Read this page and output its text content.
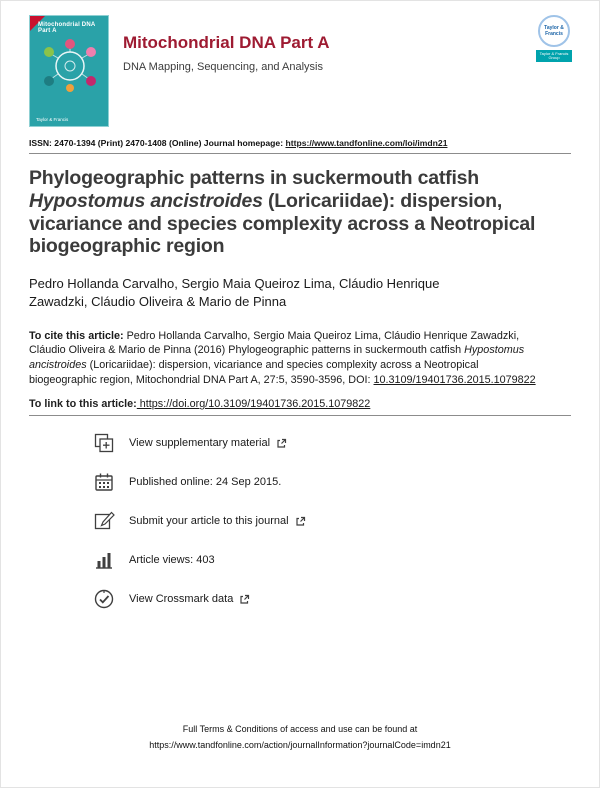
Mitochondrial DNA Part A
Taylor & Francis
Mitochondrial DNA Part A
DNA Mapping, Sequencing, and Analysis
Taylor & Francis
Taylor & Francis Group
ISSN: 2470-1394 (Print) 2470-1408 (Online) Journal homepage: https://www.tandfonline.com/loi/imdn21
Phylogeographic patterns in suckermouth catfish Hypostomus ancistroides (Loricariidae): dispersion, vicariance and species complexity across a Neotropical biogeographic region
Pedro Hollanda Carvalho, Sergio Maia Queiroz Lima, Cláudio Henrique Zawadzki, Cláudio Oliveira & Mario de Pinna

To cite this article: Pedro Hollanda Carvalho, Sergio Maia Queiroz Lima, Cláudio Henrique Zawadzki, Cláudio Oliveira & Mario de Pinna (2016) Phylogeographic patterns in suckermouth catfish Hypostomus ancistroides (Loricariidae): dispersion, vicariance and species complexity across a Neotropical biogeographic region, Mitochondrial DNA Part A, 27:5, 3590-3596, DOI: 10.3109/19401736.2015.1079822

To link to this article: https://doi.org/10.3109/19401736.2015.1079822

View supplementary material
Published online: 24 Sep 2015.
Submit your article to this journal
Article views: 403
View Crossmark data
Full Terms & Conditions of access and use can be found at
https://www.tandfonline.com/action/journalInformation?journalCode=imdn21
